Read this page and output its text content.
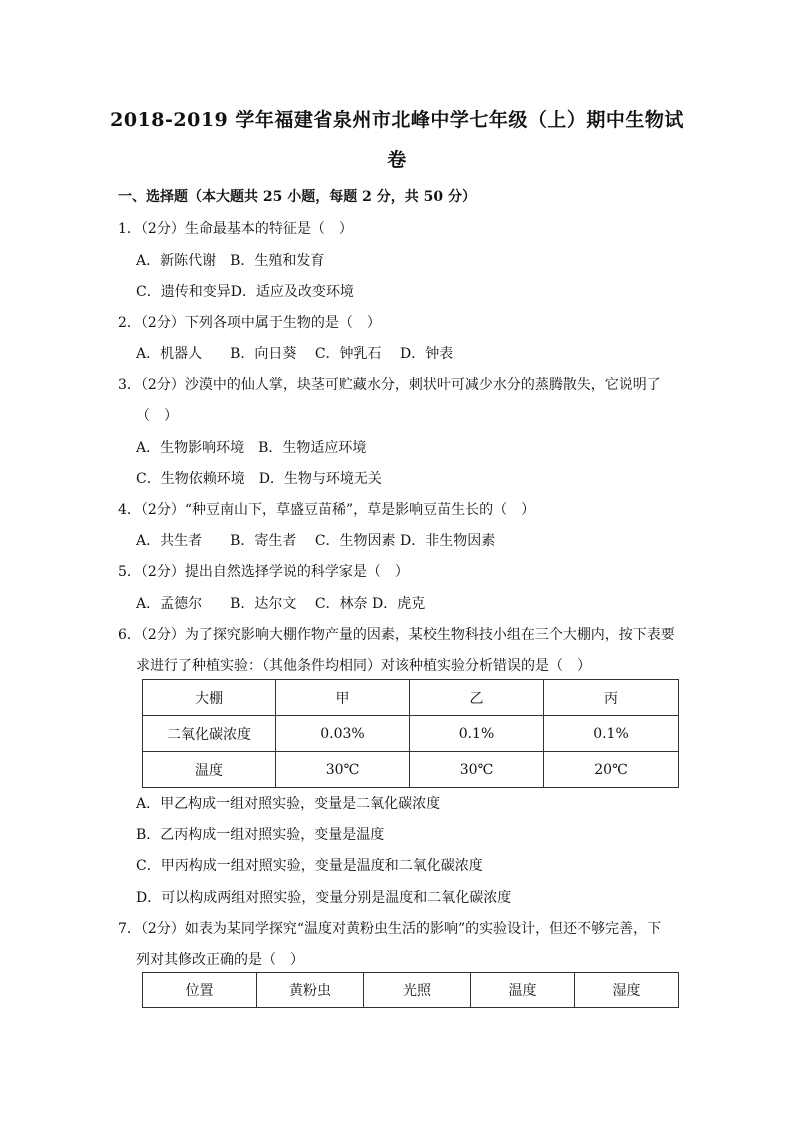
2018-2019 学年福建省泉州市北峰中学七年级（上）期中生物试卷
一、选择题（本大题共 25 小题，每题 2 分，共 50 分）
1．（2分）生命最基本的特征是（　）
A．新陈代谢　B．生殖和发育
C．遗传和变异D．适应及改变环境
2．（2分）下列各项中属于生物的是（　）
A．机器人　　B．向日葵　 C．钟乳石　 D．钟表
3．（2分）沙漠中的仙人掌，块茎可贮藏水分，刺状叶可减少水分的蒸腾散失，它说明了
（　）
A．生物影响环境　B．生物适应环境
C．生物依赖环境　D．生物与环境无关
4．（2分）“种豆南山下，草盛豆苗稀”，草是影响豆苗生长的（　）
A．共生者　　B．寄生者　 C．生物因素 D．非生物因素
5．（2分）提出自然选择学说的科学家是（　）
A．孟德尔　　B．达尔文　 C．林奈 D．虎克
6．（2分）为了探究影响大棚作物产量的因素，某校生物科技小组在三个大棚内，按下表要
求进行了种植实验：（其他条件均相同）对该种植实验分析错误的是（　）
大棚	甲	乙	丙
二氧化碳浓度	0.03%	0.1%	0.1%
温度	30℃	30℃	20℃
A．甲乙构成一组对照实验，变量是二氧化碳浓度
B．乙丙构成一组对照实验，变量是温度
C．甲丙构成一组对照实验，变量是温度和二氧化碳浓度
D．可以构成两组对照实验，变量分别是温度和二氧化碳浓度
7．（2分）如表为某同学探究“温度对黄粉虫生活的影响”的实验设计，但还不够完善，下
列对其修改正确的是（　）
位置	黄粉虫	光照	温度	湿度
